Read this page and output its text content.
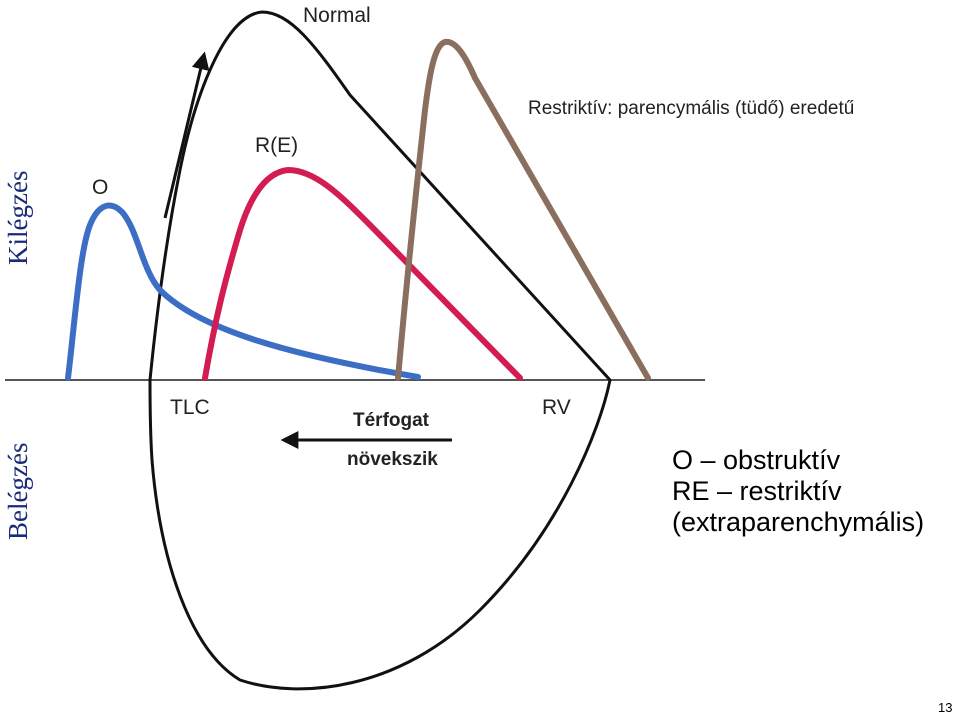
Kilégzés
Belégzés
Normal
R(E)
O
TLC	RV
Térfogat
növekszik
Restriktív: parencymális (tüdő) eredetű
O – obstruktív
RE – restriktív
(extraparenchymális)
13
